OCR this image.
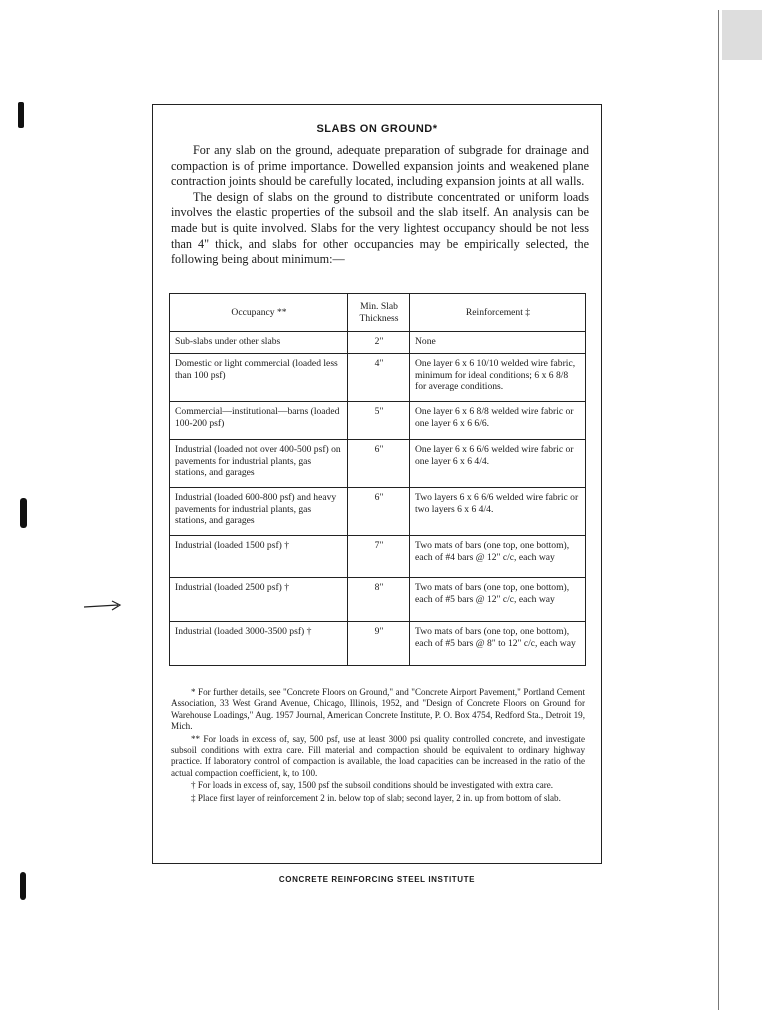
SLABS ON GROUND*

For any slab on the ground, adequate preparation of subgrade for drainage and compaction is of prime importance. Dowelled expansion joints and weakened plane contraction joints should be carefully located, including expansion joints at all walls.

The design of slabs on the ground to distribute concentrated or uniform loads involves the elastic properties of the subsoil and the slab itself. An analysis can be made but is quite involved. Slabs for the very lightest occupancy should be not less than 4" thick, and slabs for other occupancies may be empirically selected, the following being about minimum:—

Occupancy **	Min. Slab Thickness	Reinforcement ‡
Sub-slabs under other slabs	2"	None
Domestic or light commercial (loaded less than 100 psf)	4"	One layer 6 x 6 10/10 welded wire fabric, minimum for ideal conditions; 6 x 6 8/8 for average conditions.
Commercial—institutional—barns (loaded 100-200 psf)	5"	One layer 6 x 6 8/8 welded wire fabric or one layer 6 x 6 6/6.
Industrial (loaded not over 400-500 psf) on pavements for industrial plants, gas stations, and garages	6"	One layer 6 x 6 6/6 welded wire fabric or one layer 6 x 6 4/4.
Industrial (loaded 600-800 psf) and heavy pavements for industrial plants, gas stations, and garages	6"	Two layers 6 x 6 6/6 welded wire fabric or two layers 6 x 6 4/4.
Industrial (loaded 1500 psf) †	7"	Two mats of bars (one top, one bottom), each of #4 bars @ 12" c/c, each way
Industrial (loaded 2500 psf) †	8"	Two mats of bars (one top, one bottom), each of #5 bars @ 12" c/c, each way
Industrial (loaded 3000-3500 psf) †	9"	Two mats of bars (one top, one bottom), each of #5 bars @ 8" to 12" c/c, each way

* For further details, see "Concrete Floors on Ground," and "Concrete Airport Pavement," Portland Cement Association, 33 West Grand Avenue, Chicago, Illinois, 1952, and "Design of Concrete Floors on Ground for Warehouse Loadings," Aug. 1957 Journal, American Concrete Institute, P. O. Box 4754, Redford Sta., Detroit 19, Mich.

** For loads in excess of, say, 500 psf, use at least 3000 psi quality controlled concrete, and investigate subsoil conditions with extra care. Fill material and compaction should be equivalent to ordinary highway practice. If laboratory control of compaction is available, the load capacities can be increased in the ratio of the actual compaction coefficient, k, to 100.

† For loads in excess of, say, 1500 psf the subsoil conditions should be investigated with extra care.

‡ Place first layer of reinforcement 2 in. below top of slab; second layer, 2 in. up from bottom of slab.

CONCRETE REINFORCING STEEL INSTITUTE
